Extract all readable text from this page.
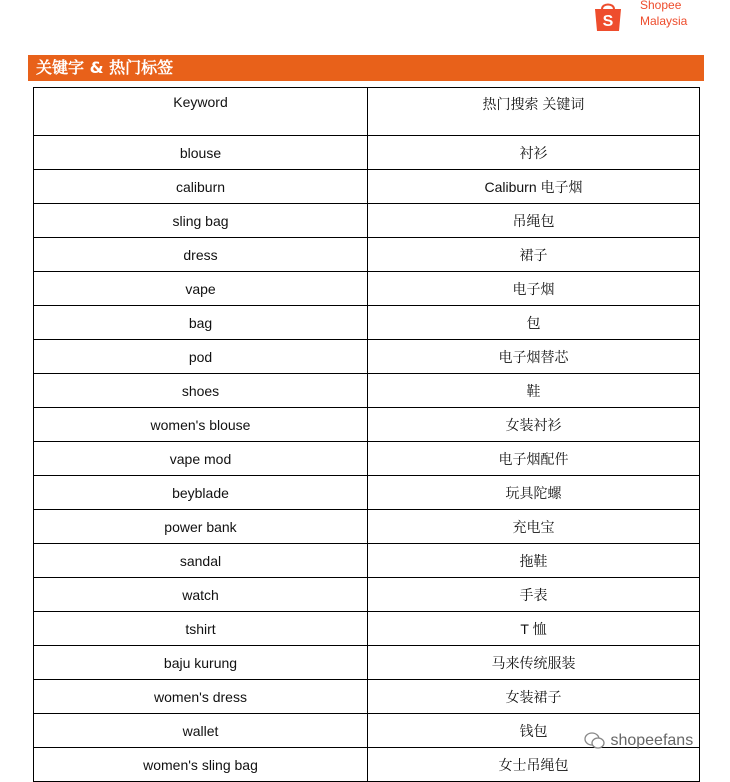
S
Shopee
Malaysia
关键字 & 热门标签
Keyword	热门搜索 关键词
blouse	衬衫
caliburn	Caliburn 电子烟
sling bag	吊绳包
dress	裙子
vape	电子烟
bag	包
pod	电子烟替芯
shoes	鞋
women's blouse	女装衬衫
vape mod	电子烟配件
beyblade	玩具陀螺
power bank	充电宝
sandal	拖鞋
watch	手表
tshirt	T 恤
baju kurung	马来传统服装
women's dress	女装裙子
wallet	钱包
women's sling bag	女士吊绳包
shopeefans
